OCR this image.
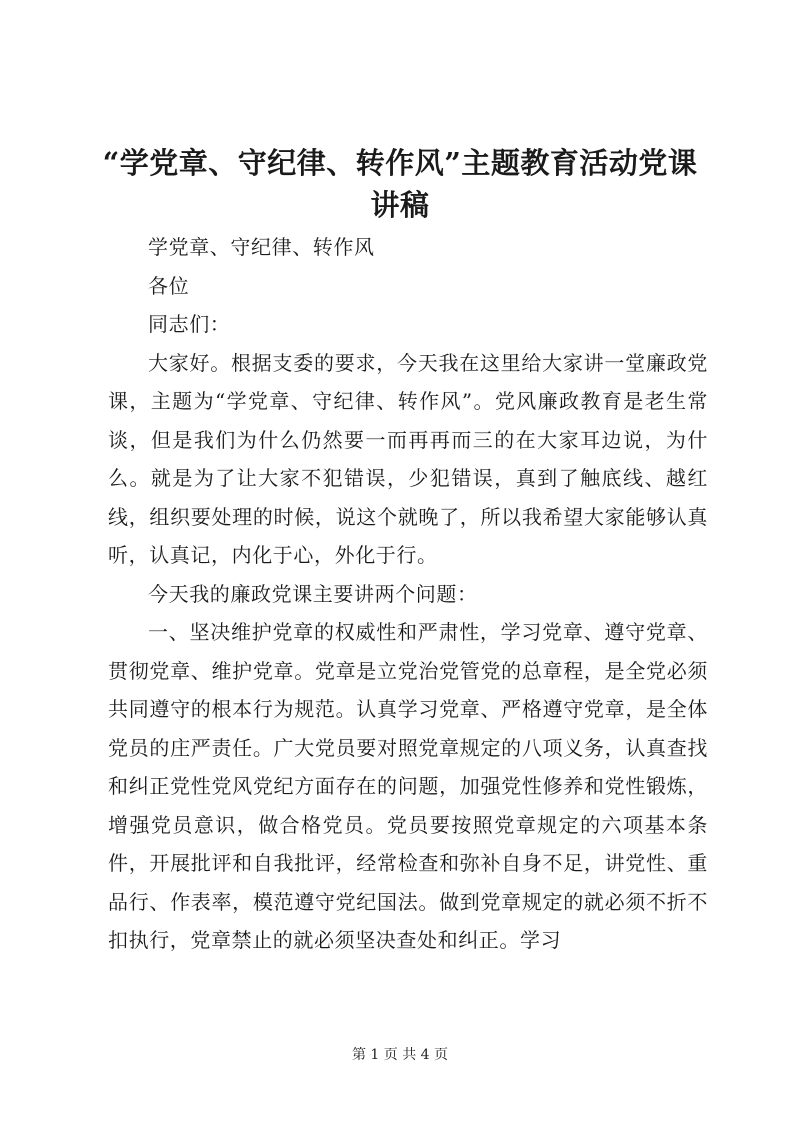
“学党章、守纪律、转作风”主题教育活动党课讲稿

学党章、守纪律、转作风

各位

同志们：

大家好。根据支委的要求，今天我在这里给大家讲一堂廉政党课，主题为“学党章、守纪律、转作风”。党风廉政教育是老生常谈，但是我们为什么仍然要一而再再而三的在大家耳边说，为什么。就是为了让大家不犯错误，少犯错误，真到了触底线、越红线，组织要处理的时候，说这个就晚了，所以我希望大家能够认真听，认真记，内化于心，外化于行。

今天我的廉政党课主要讲两个问题：

一、坚决维护党章的权威性和严肃性，学习党章、遵守党章、贯彻党章、维护党章。党章是立党治党管党的总章程，是全党必须共同遵守的根本行为规范。认真学习党章、严格遵守党章，是全体党员的庄严责任。广大党员要对照党章规定的八项义务，认真查找和纠正党性党风党纪方面存在的问题，加强党性修养和党性锻炼，增强党员意识，做合格党员。党员要按照党章规定的六项基本条件，开展批评和自我批评，经常检查和弥补自身不足，讲党性、重品行、作表率，模范遵守党纪国法。做到党章规定的就必须不折不扣执行，党章禁止的就必须坚决查处和纠正。学习

第 1 页 共 4 页
